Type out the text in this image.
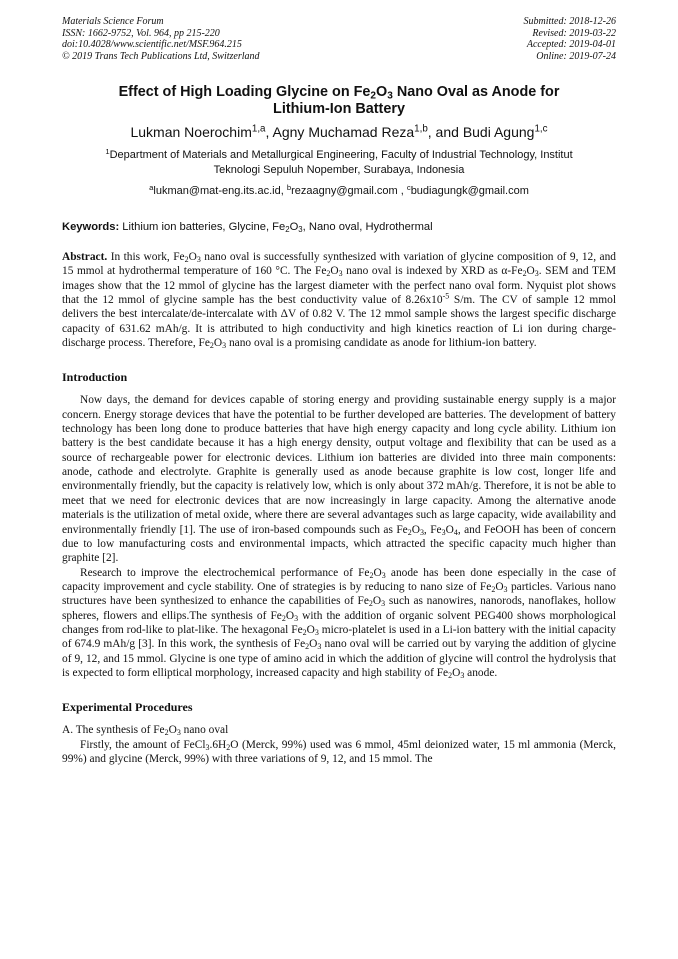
Materials Science Forum
ISSN: 1662-9752, Vol. 964, pp 215-220
doi:10.4028/www.scientific.net/MSF.964.215
© 2019 Trans Tech Publications Ltd, Switzerland
Submitted: 2018-12-26
Revised: 2019-03-22
Accepted: 2019-04-01
Online: 2019-07-24
Effect of High Loading Glycine on $Fe_2O_3$ Nano Oval as Anode for
Lithium-Ion Battery
Lukman Noerochim$^{1,a}$, Agny Muchamad Reza$^{1,b}$, and Budi Agung$^{1,c}$
$^1$Department of Materials and Metallurgical Engineering, Faculty of Industrial Technology, Institut
Teknologi Sepuluh Nopember, Surabaya, Indonesia
$^a$lukman@mat-eng.its.ac.id, $^b$rezaagny@gmail.com , $^c$budiagungk@gmail.com
Keywords: Lithium ion batteries, Glycine, $Fe_2O_3$, Nano oval, Hydrothermal
Abstract. In this work, $Fe_2O_3$ nano oval is successfully synthesized with variation of glycine composition of 9, 12, and 15 mmol at hydrothermal temperature of 160 °C. The $Fe_2O_3$ nano oval is indexed by XRD as $\alpha-Fe_2O_3$. SEM and TEM images show that the 12 mmol of glycine has the largest diameter with the perfect nano oval form. Nyquist plot shows that the 12 mmol of glycine sample has the best conductivity value of $8.26x10^{-5}$ S/m. The CV of sample 12 mmol delivers the best intercalate/de-intercalate with ΔV of 0.82 V. The 12 mmol sample shows the largest specific discharge capacity of 631.62 mAh/g. It is attributed to high conductivity and high kinetics reaction of Li ion during charge-discharge process. Therefore, $Fe_2O_3$ nano oval is a promising candidate as anode for lithium-ion battery.
Introduction

Now days, the demand for devices capable of storing energy and providing sustainable energy supply is a major concern. Energy storage devices that have the potential to be further developed are batteries. The development of battery technology has been long done to produce batteries that have high energy capacity and long cycle ability. Lithium ion battery is the best candidate because it has a high energy density, output voltage and flexibility that can be used as a source of rechargeable power for electronic devices. Lithium ion batteries are divided into three main components: anode, cathode and electrolyte. Graphite is generally used as anode because graphite is low cost, longer life and environmentally friendly, but the capacity is relatively low, which is only about 372 mAh/g. Therefore, it is not be able to meet that we need for electronic devices that are now increasingly in large capacity. Among the alternative anode materials is the utilization of metal oxide, where there are several advantages such as large capacity, wide availability and environmentally friendly [1]. The use of iron-based compounds such as $Fe_2O_3$, $Fe_3O_4$, and FeOOH has been of concern due to low manufacturing costs and environmental impacts, which attracted the specific capacity much higher than graphite [2].

Research to improve the electrochemical performance of $Fe_2O_3$ anode has been done especially in the case of capacity improvement and cycle stability. One of strategies is by reducing to nano size of $Fe_2O_3$ particles. Various nano structures have been synthesized to enhance the capabilities of $Fe_2O_3$ such as nanowires, nanorods, nanoflakes, hollow spheres, flowers and ellips.The synthesis of $Fe_2O_3$ with the addition of organic solvent PEG400 shows morphological changes from rod-like to plat-like. The hexagonal $Fe_2O_3$ micro-platelet is used in a Li-ion battery with the initial capacity of 674.9 mAh/g [3]. In this work, the synthesis of $Fe_2O_3$ nano oval will be carried out by varying the addition of glycine of 9, 12, and 15 mmol. Glycine is one type of amino acid in which the addition of glycine will control the hydrolysis that is expected to form elliptical morphology, increased capacity and high stability of $Fe_2O_3$ anode.

Experimental Procedures

A. The synthesis of $Fe_2O_3$ nano oval

Firstly, the amount of $FeCl_3.6H_2O$ (Merck, 99%) used was 6 mmol, 45ml deionized water, 15 ml ammonia (Merck, 99%) and glycine (Merck, 99%) with three variations of 9, 12, and 15 mmol. The
